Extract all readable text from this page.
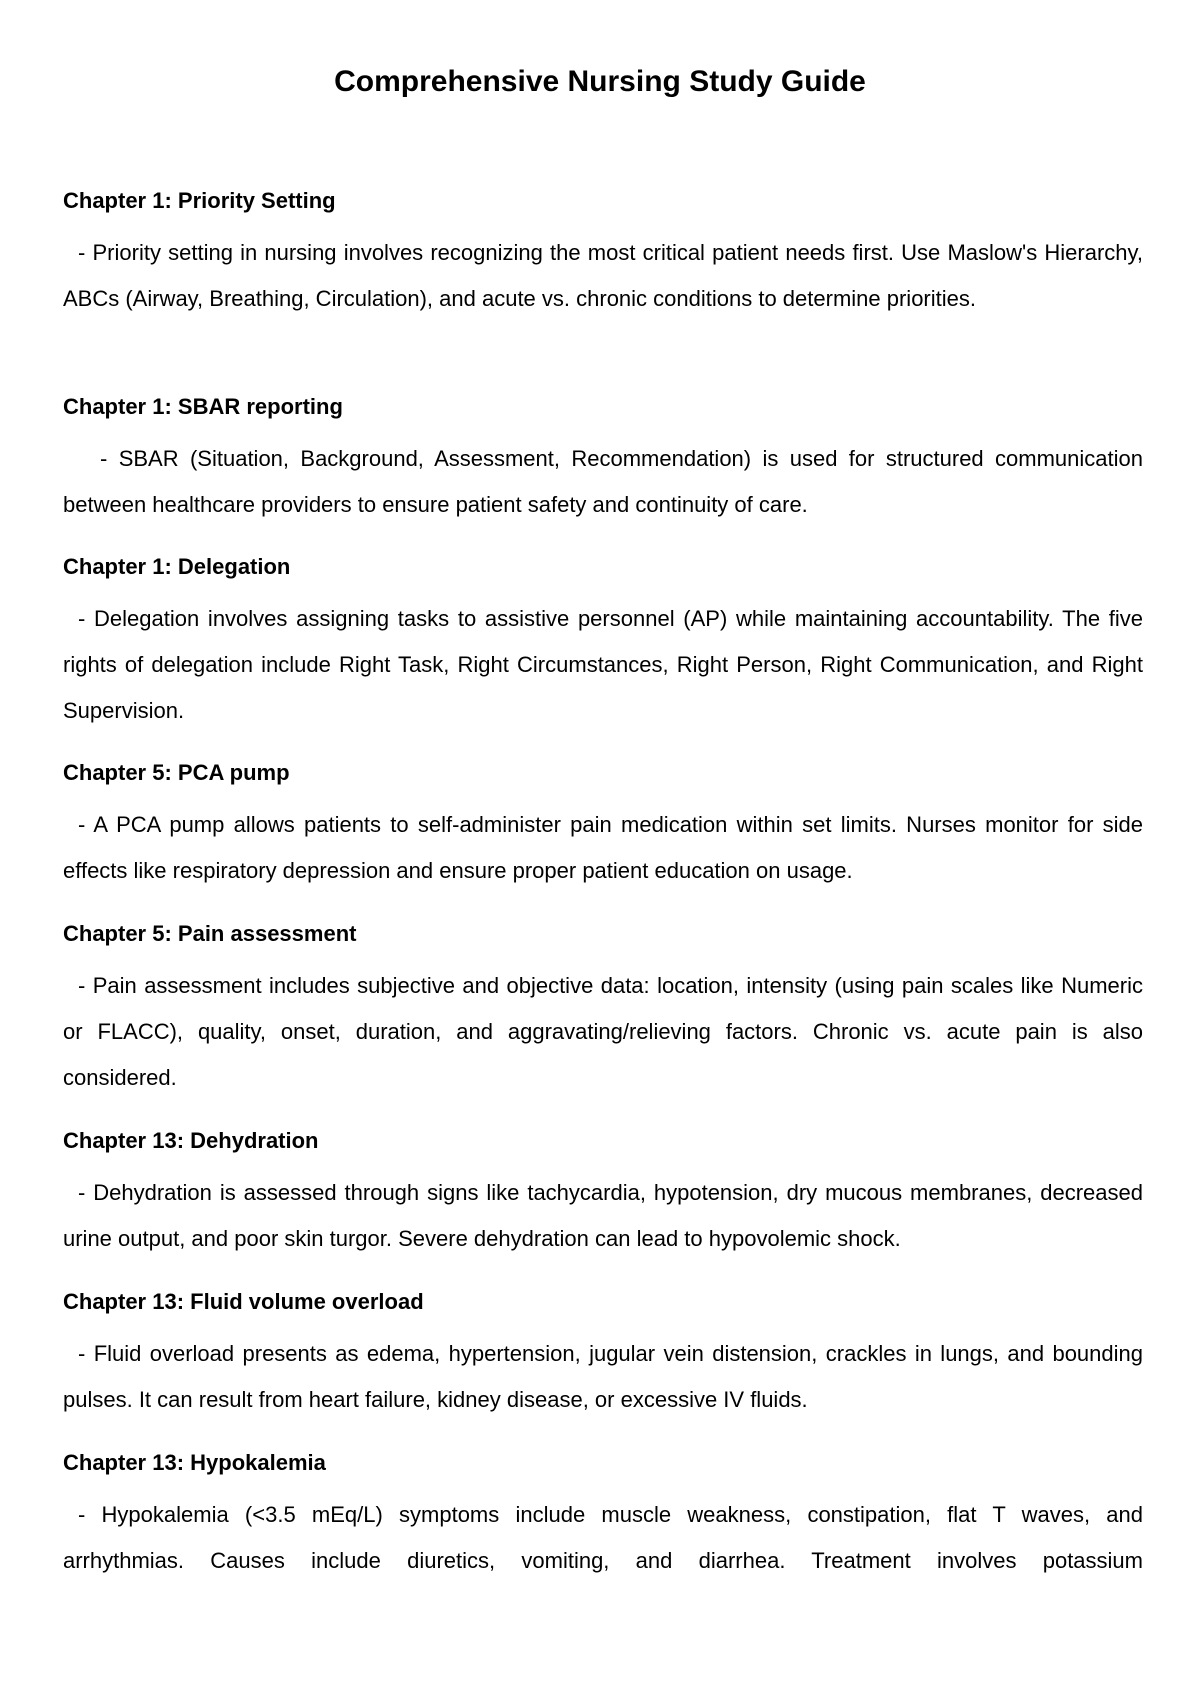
Comprehensive Nursing Study Guide

Chapter 1: Priority Setting

- Priority setting in nursing involves recognizing the most critical patient needs first. Use Maslow's Hierarchy, ABCs (Airway, Breathing, Circulation), and acute vs. chronic conditions to determine priorities.

Chapter 1: SBAR reporting

- SBAR (Situation, Background, Assessment, Recommendation) is used for structured communication between healthcare providers to ensure patient safety and continuity of care.

Chapter 1: Delegation

- Delegation involves assigning tasks to assistive personnel (AP) while maintaining accountability. The five rights of delegation include Right Task, Right Circumstances, Right Person, Right Communication, and Right Supervision.

Chapter 5: PCA pump

- A PCA pump allows patients to self-administer pain medication within set limits. Nurses monitor for side effects like respiratory depression and ensure proper patient education on usage.

Chapter 5: Pain assessment

- Pain assessment includes subjective and objective data: location, intensity (using pain scales like Numeric or FLACC), quality, onset, duration, and aggravating/relieving factors. Chronic vs. acute pain is also considered.

Chapter 13: Dehydration

- Dehydration is assessed through signs like tachycardia, hypotension, dry mucous membranes, decreased urine output, and poor skin turgor. Severe dehydration can lead to hypovolemic shock.

Chapter 13: Fluid volume overload

- Fluid overload presents as edema, hypertension, jugular vein distension, crackles in lungs, and bounding pulses. It can result from heart failure, kidney disease, or excessive IV fluids.

Chapter 13: Hypokalemia

- Hypokalemia (<3.5 mEq/L) symptoms include muscle weakness, constipation, flat T waves, and arrhythmias. Causes include diuretics, vomiting, and diarrhea. Treatment involves potassium
